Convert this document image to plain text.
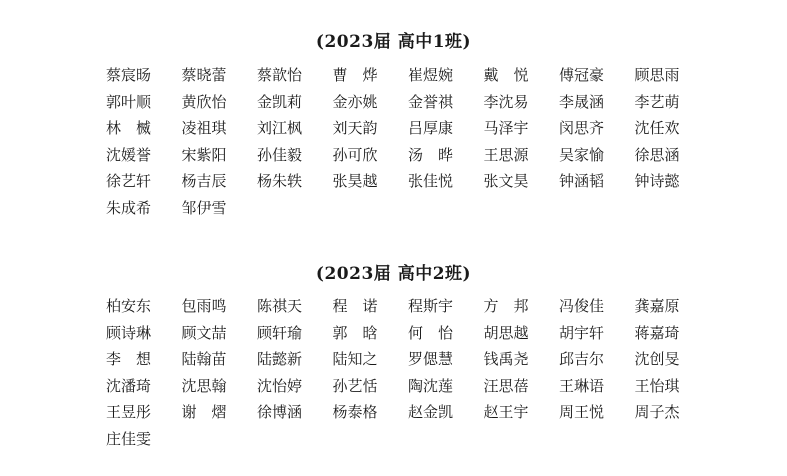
(2023届 高中1班)
蔡宸旸	蔡晓蕾	蔡歆怡	曹　烨	崔煜婉	戴　悦	傅冠豪	顾思雨
郭叶顺	黄欣怡	金凯莉	金亦姚	金誉祺	李沈易	李晟涵	李艺萌
林　楲	凌祖琪	刘江枫	刘天韵	吕厚康	马泽宇	闵思齐	沈任欢
沈媛誉	宋紫阳	孙佳毅	孙可欣	汤　晔	王思源	吴家愉	徐思涵
徐艺轩	杨吉辰	杨朱轶	张昊越	张佳悦	张文昊	钟涵韬	钟诗懿
朱成希	邹伊雪
(2023届 高中2班)
柏安东	包雨鸣	陈祺天	程　诺	程斯宇	方　邦	冯俊佳	龚嘉原
顾诗琳	顾文喆	顾轩瑜	郭　晗	何　怡	胡思越	胡宇轩	蒋嘉琦
李　想	陆翰苗	陆懿新	陆知之	罗偲慧	钱禹尧	邱吉尔	沈创旻
沈潘琦	沈思翰	沈怡婷	孙艺恬	陶沈莲	汪思蓓	王琳语	王怡琪
王昱彤	谢　熠	徐博涵	杨泰格	赵金凯	赵王宇	周王悦	周子杰
庄佳雯
